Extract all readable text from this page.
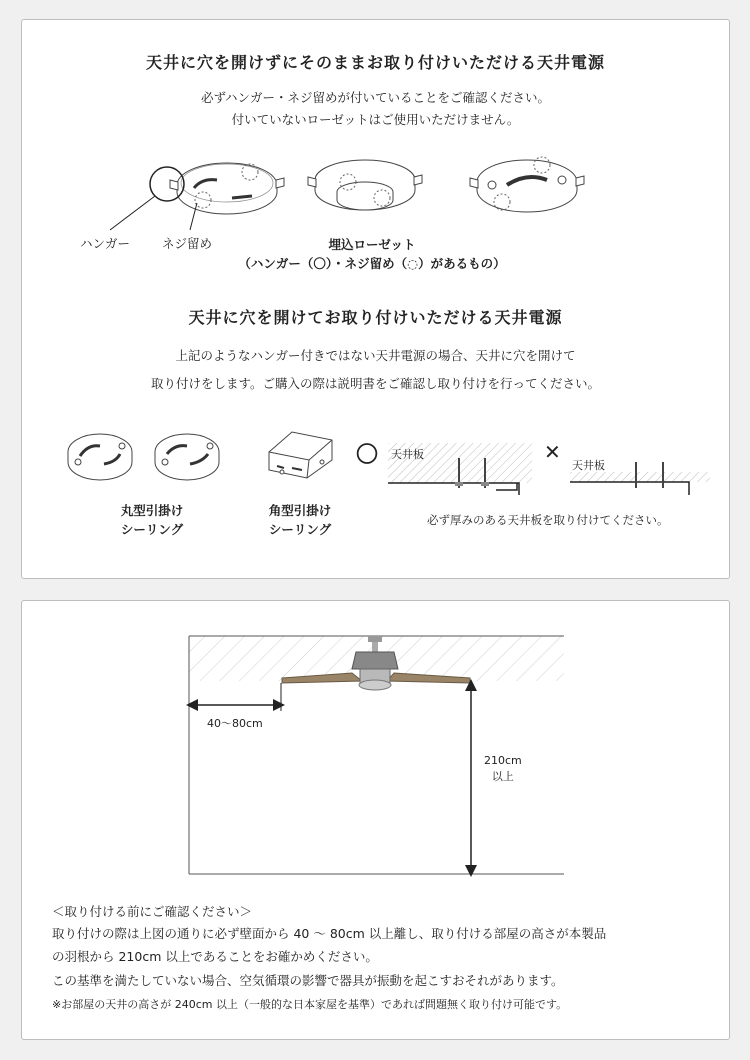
天井に穴を開けずにそのままお取り付けいただける天井電源
必ずハンガー・ネジ留めが付いていることをご確認ください。
付いていないローゼットはご使用いただけません。
ハンガー	ネジ留め	埋込ローゼット
（ハンガー（〇）・ネジ留め（◌）があるもの）
天井に穴を開けてお取り付けいただける天井電源
上記のようなハンガー付きではない天井電源の場合、天井に穴を開けて
取り付けをします。ご購入の際は説明書をご確認し取り付けを行ってください。
丸型引掛け
シーリング
角型引掛け
シーリング
〇 天井板	✕
天井板
必ず厚みのある天井板を取り付けてください。
40〜80cm
210cm
以上
＜取り付ける前にご確認ください＞
取り付けの際は上図の通りに必ず壁面から 40 〜 80cm 以上離し、取り付ける部屋の高さが本製品
の羽根から 210cm 以上であることをお確かめください。
この基準を満たしていない場合、空気循環の影響で器具が振動を起こすおそれがあります。
※お部屋の天井の高さが 240cm 以上（一般的な日本家屋を基準）であれば問題無く取り付け可能です。
